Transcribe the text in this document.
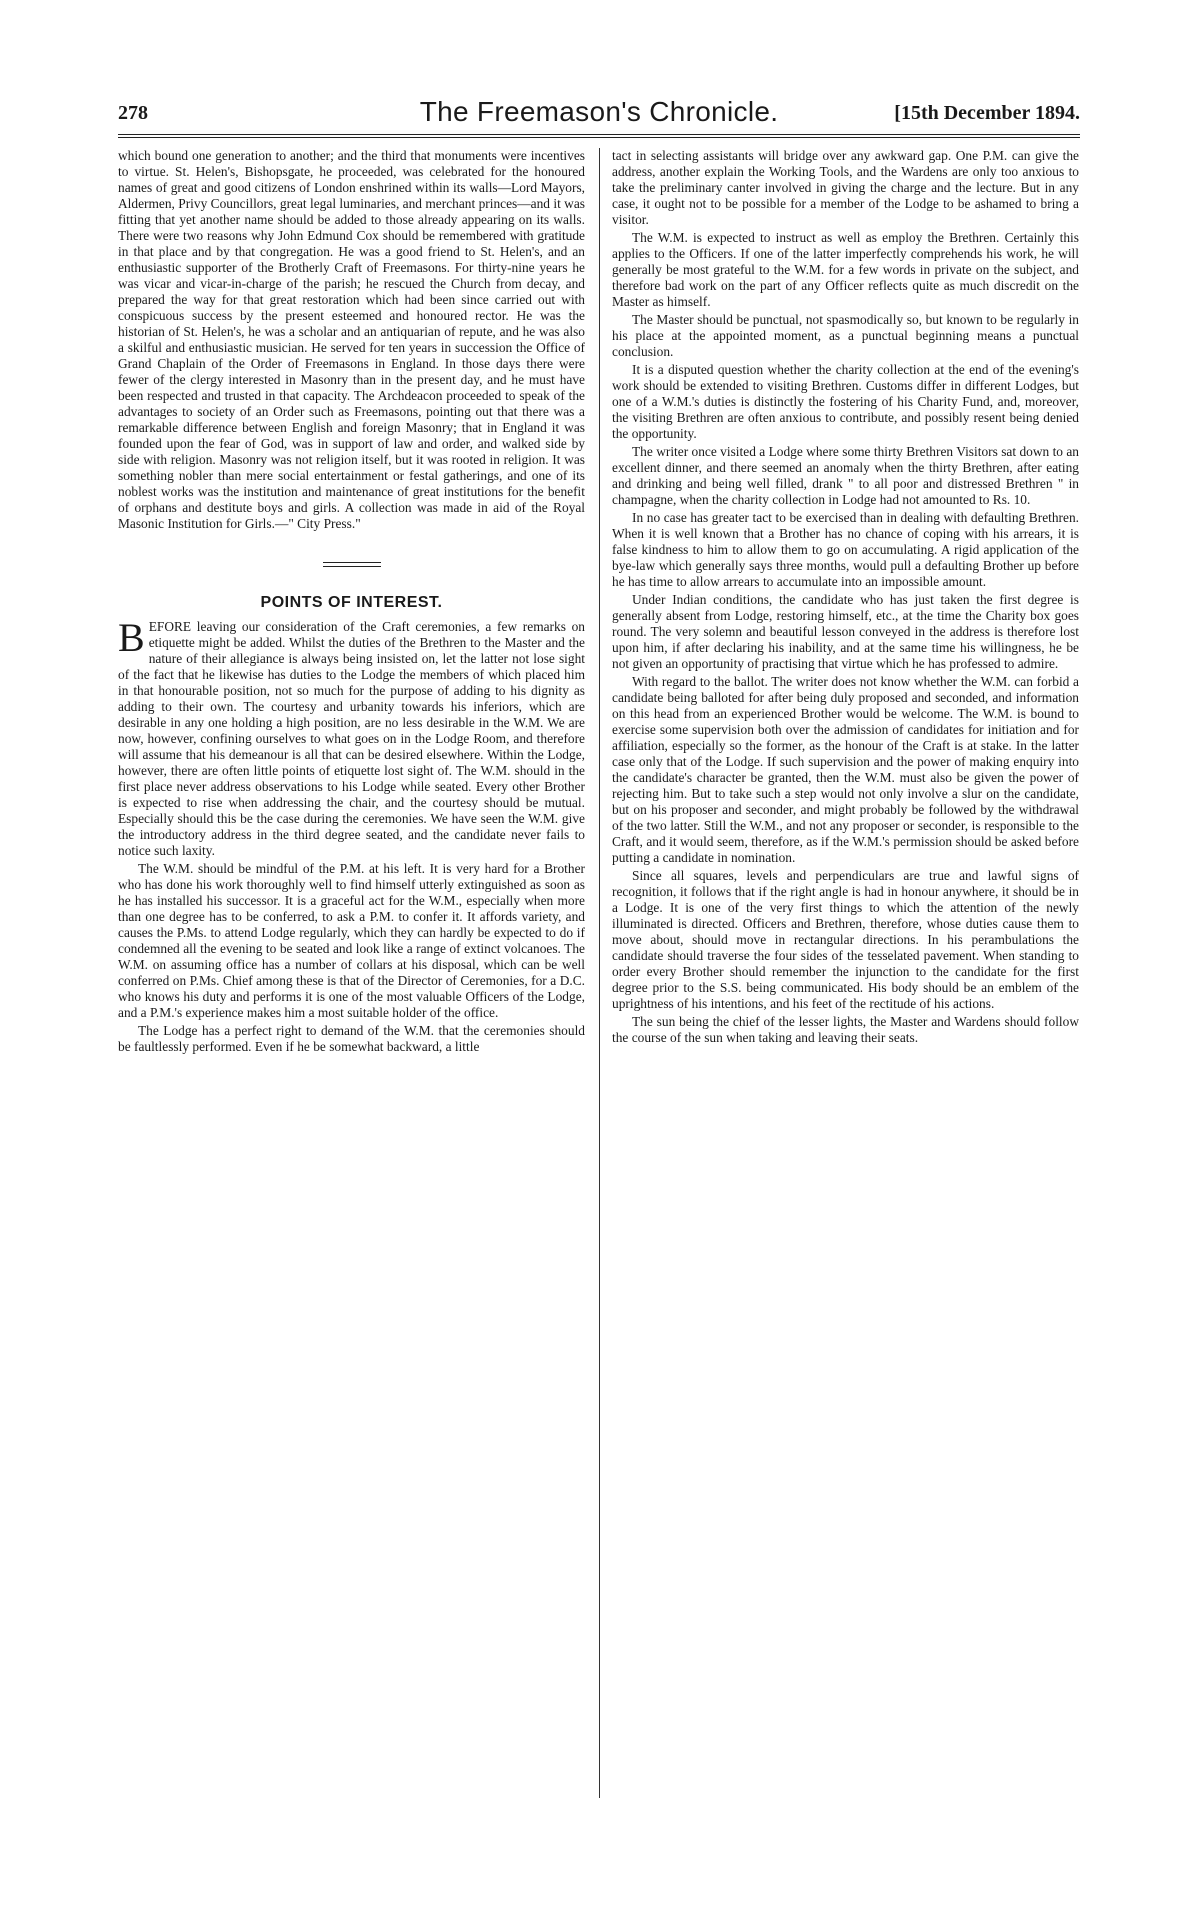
278	The Freemason's Chronicle.	[15th December 1894.

which bound one generation to another; and the third that monuments were incentives to virtue. St. Helen's, Bishopsgate, he proceeded, was celebrated for the honoured names of great and good citizens of London enshrined within its walls—Lord Mayors, Aldermen, Privy Councillors, great legal luminaries, and merchant princes—and it was fitting that yet another name should be added to those already appearing on its walls. There were two reasons why John Edmund Cox should be remembered with gratitude in that place and by that congregation. He was a good friend to St. Helen's, and an enthusiastic supporter of the Brotherly Craft of Freemasons. For thirty-nine years he was vicar and vicar-in-charge of the parish; he rescued the Church from decay, and prepared the way for that great restoration which had been since carried out with conspicuous success by the present esteemed and honoured rector. He was the historian of St. Helen's, he was a scholar and an antiquarian of repute, and he was also a skilful and enthusiastic musician. He served for ten years in succession the Office of Grand Chaplain of the Order of Freemasons in England. In those days there were fewer of the clergy interested in Masonry than in the present day, and he must have been respected and trusted in that capacity. The Archdeacon proceeded to speak of the advantages to society of an Order such as Freemasons, pointing out that there was a remarkable difference between English and foreign Masonry; that in England it was founded upon the fear of God, was in support of law and order, and walked side by side with religion. Masonry was not religion itself, but it was rooted in religion. It was something nobler than mere social entertainment or festal gatherings, and one of its noblest works was the institution and maintenance of great institutions for the benefit of orphans and destitute boys and girls. A collection was made in aid of the Royal Masonic Institution for Girls.—" City Press."

POINTS OF INTEREST.

BEFORE leaving our consideration of the Craft ceremonies, a few remarks on etiquette might be added. Whilst the duties of the Brethren to the Master and the nature of their allegiance is always being insisted on, let the latter not lose sight of the fact that he likewise has duties to the Lodge the members of which placed him in that honourable position, not so much for the purpose of adding to his dignity as adding to their own. The courtesy and urbanity towards his inferiors, which are desirable in any one holding a high position, are no less desirable in the W.M. We are now, however, confining ourselves to what goes on in the Lodge Room, and therefore will assume that his demeanour is all that can be desired elsewhere. Within the Lodge, however, there are often little points of etiquette lost sight of. The W.M. should in the first place never address observations to his Lodge while seated. Every other Brother is expected to rise when addressing the chair, and the courtesy should be mutual. Especially should this be the case during the ceremonies. We have seen the W.M. give the introductory address in the third degree seated, and the candidate never fails to notice such laxity.

The W.M. should be mindful of the P.M. at his left. It is very hard for a Brother who has done his work thoroughly well to find himself utterly extinguished as soon as he has installed his successor. It is a graceful act for the W.M., especially when more than one degree has to be conferred, to ask a P.M. to confer it. It affords variety, and causes the P.Ms. to attend Lodge regularly, which they can hardly be expected to do if condemned all the evening to be seated and look like a range of extinct volcanoes. The W.M. on assuming office has a number of collars at his disposal, which can be well conferred on P.Ms. Chief among these is that of the Director of Ceremonies, for a D.C. who knows his duty and performs it is one of the most valuable Officers of the Lodge, and a P.M.'s experience makes him a most suitable holder of the office.

The Lodge has a perfect right to demand of the W.M. that the ceremonies should be faultlessly performed. Even if he be somewhat backward, a little

tact in selecting assistants will bridge over any awkward gap. One P.M. can give the address, another explain the Working Tools, and the Wardens are only too anxious to take the preliminary canter involved in giving the charge and the lecture. But in any case, it ought not to be possible for a member of the Lodge to be ashamed to bring a visitor.

The W.M. is expected to instruct as well as employ the Brethren. Certainly this applies to the Officers. If one of the latter imperfectly comprehends his work, he will generally be most grateful to the W.M. for a few words in private on the subject, and therefore bad work on the part of any Officer reflects quite as much discredit on the Master as himself.

The Master should be punctual, not spasmodically so, but known to be regularly in his place at the appointed moment, as a punctual beginning means a punctual conclusion.

It is a disputed question whether the charity collection at the end of the evening's work should be extended to visiting Brethren. Customs differ in different Lodges, but one of a W.M.'s duties is distinctly the fostering of his Charity Fund, and, moreover, the visiting Brethren are often anxious to contribute, and possibly resent being denied the opportunity.

The writer once visited a Lodge where some thirty Brethren Visitors sat down to an excellent dinner, and there seemed an anomaly when the thirty Brethren, after eating and drinking and being well filled, drank " to all poor and distressed Brethren " in champagne, when the charity collection in Lodge had not amounted to Rs. 10.

In no case has greater tact to be exercised than in dealing with defaulting Brethren. When it is well known that a Brother has no chance of coping with his arrears, it is false kindness to him to allow them to go on accumulating. A rigid application of the bye-law which generally says three months, would pull a defaulting Brother up before he has time to allow arrears to accumulate into an impossible amount.

Under Indian conditions, the candidate who has just taken the first degree is generally absent from Lodge, restoring himself, etc., at the time the Charity box goes round. The very solemn and beautiful lesson conveyed in the address is therefore lost upon him, if after declaring his inability, and at the same time his willingness, he be not given an opportunity of practising that virtue which he has professed to admire.

With regard to the ballot. The writer does not know whether the W.M. can forbid a candidate being balloted for after being duly proposed and seconded, and information on this head from an experienced Brother would be welcome. The W.M. is bound to exercise some supervision both over the admission of candidates for initiation and for affiliation, especially so the former, as the honour of the Craft is at stake. In the latter case only that of the Lodge. If such supervision and the power of making enquiry into the candidate's character be granted, then the W.M. must also be given the power of rejecting him. But to take such a step would not only involve a slur on the candidate, but on his proposer and seconder, and might probably be followed by the withdrawal of the two latter. Still the W.M., and not any proposer or seconder, is responsible to the Craft, and it would seem, therefore, as if the W.M.'s permission should be asked before putting a candidate in nomination.

Since all squares, levels and perpendiculars are true and lawful signs of recognition, it follows that if the right angle is had in honour anywhere, it should be in a Lodge. It is one of the very first things to which the attention of the newly illuminated is directed. Officers and Brethren, therefore, whose duties cause them to move about, should move in rectangular directions. In his perambulations the candidate should traverse the four sides of the tesselated pavement. When standing to order every Brother should remember the injunction to the candidate for the first degree prior to the S.S. being communicated. His body should be an emblem of the uprightness of his intentions, and his feet of the rectitude of his actions.

The sun being the chief of the lesser lights, the Master and Wardens should follow the course of the sun when taking and leaving their seats.
